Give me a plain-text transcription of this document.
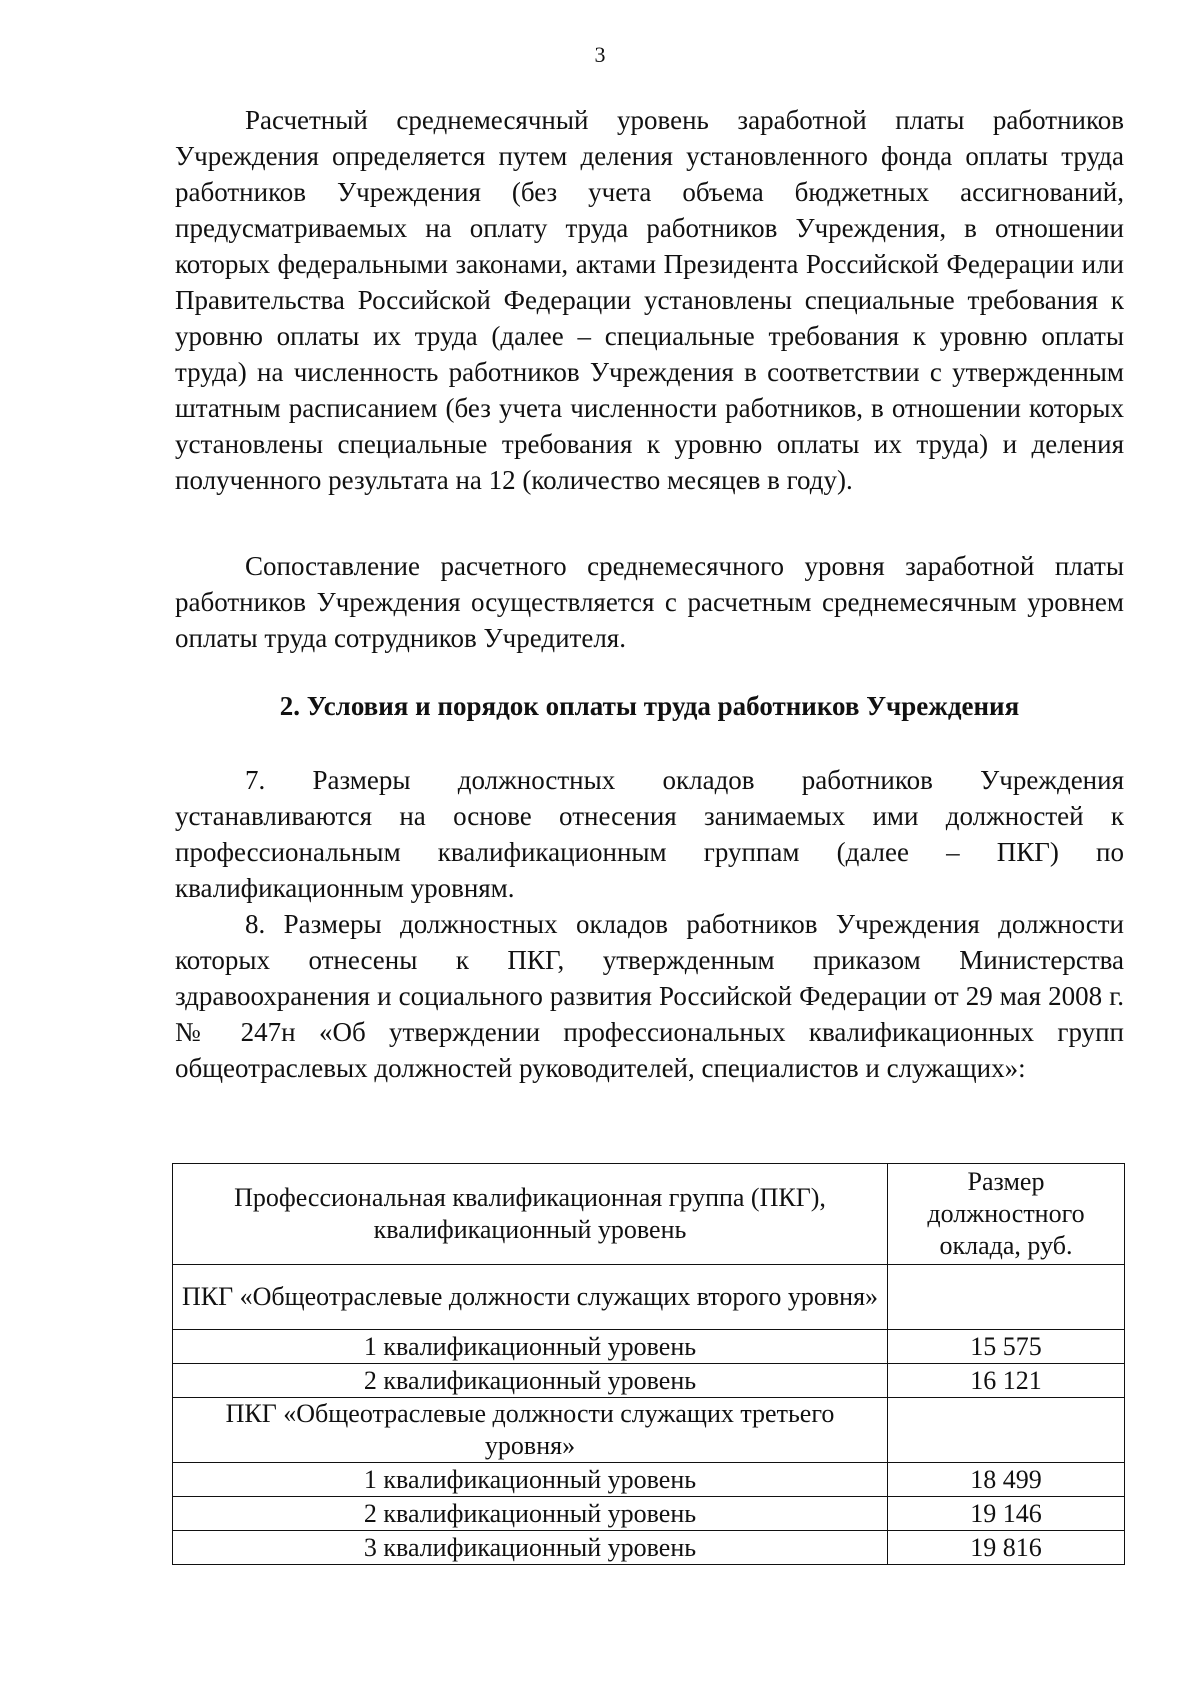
3

Расчетный среднемесячный уровень заработной платы работников Учреждения определяется путем деления установленного фонда оплаты труда работников Учреждения (без учета объема бюджетных ассигнований, предусматриваемых на оплату труда работников Учреждения, в отношении которых федеральными законами, актами Президента Российской Федерации или Правительства Российской Федерации установлены специальные требования к уровню оплаты их труда (далее – специальные требования к уровню оплаты труда) на численность работников Учреждения в соответствии с утвержденным штатным расписанием (без учета численности работников, в отношении которых установлены специальные требования к уровню оплаты их труда) и деления полученного результата на 12 (количество месяцев в году).

Сопоставление расчетного среднемесячного уровня заработной платы работников Учреждения осуществляется с расчетным среднемесячным уровнем оплаты труда сотрудников Учредителя.

2. Условия и порядок оплаты труда работников Учреждения

7. Размеры должностных окладов работников Учреждения устанавливаются на основе отнесения занимаемых ими должностей к профессиональным квалификационным группам (далее – ПКГ) по квалификационным уровням.

8. Размеры должностных окладов работников Учреждения должности которых отнесены к ПКГ, утвержденным приказом Министерства здравоохранения и социального развития Российской Федерации от 29 мая 2008 г. № 247н «Об утверждении профессиональных квалификационных групп общеотраслевых должностей руководителей, специалистов и служащих»:

Профессиональная квалификационная группа (ПКГ), квалификационный уровень	Размер должностного оклада, руб.
ПКГ «Общеотраслевые должности служащих второго уровня»	
1 квалификационный уровень	15 575
2 квалификационный уровень	16 121
ПКГ «Общеотраслевые должности служащих третьего уровня»	
1 квалификационный уровень	18 499
2 квалификационный уровень	19 146
3 квалификационный уровень	19 816
